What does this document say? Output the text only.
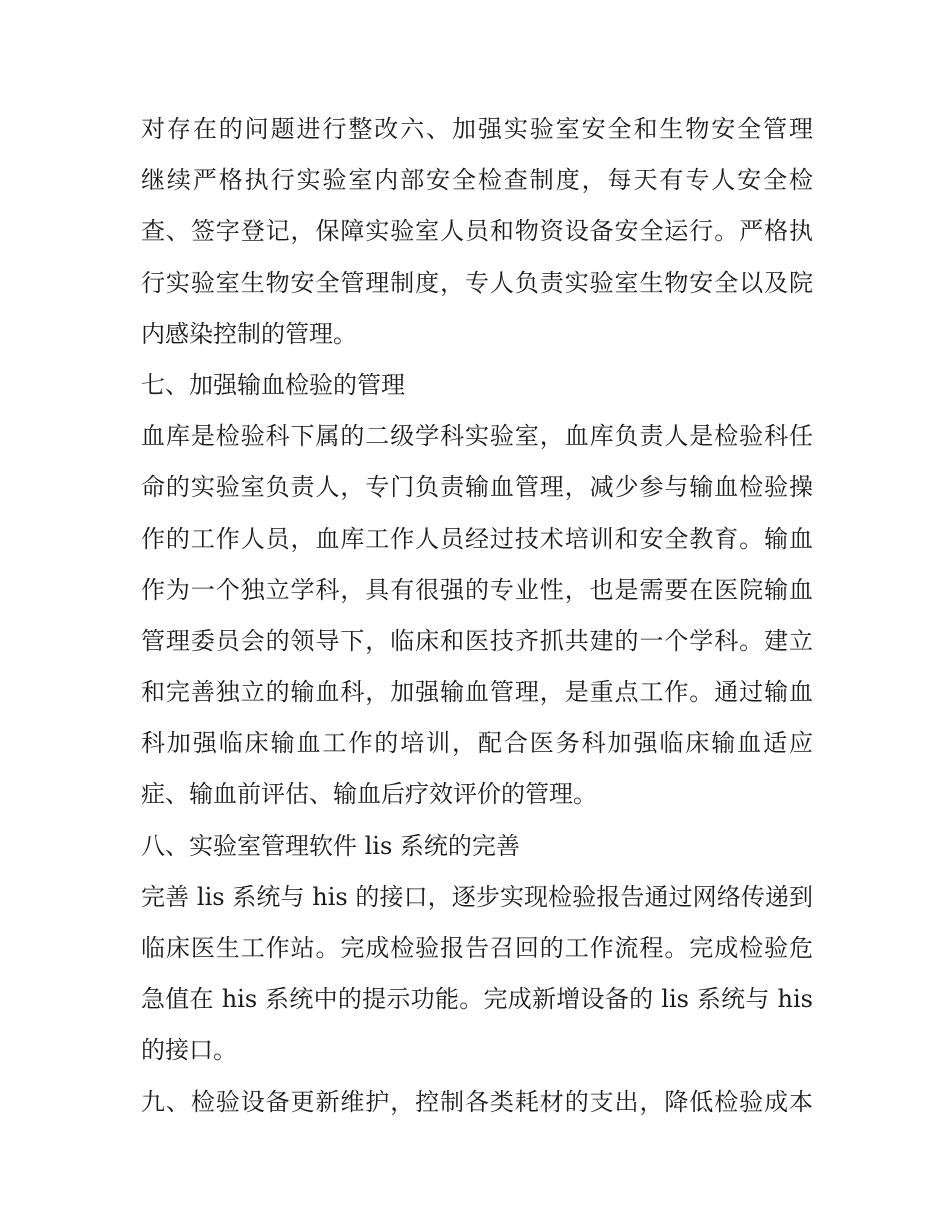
对存在的问题进行整改六、加强实验室安全和生物安全管理
继续严格执行实验室内部安全检查制度，每天有专人安全检
查、签字登记，保障实验室人员和物资设备安全运行。严格执
行实验室生物安全管理制度，专人负责实验室生物安全以及院
内感染控制的管理。
七、加强输血检验的管理
血库是检验科下属的二级学科实验室，血库负责人是检验科任
命的实验室负责人，专门负责输血管理，减少参与输血检验操
作的工作人员，血库工作人员经过技术培训和安全教育。输血
作为一个独立学科，具有很强的专业性，也是需要在医院输血
管理委员会的领导下，临床和医技齐抓共建的一个学科。建立
和完善独立的输血科，加强输血管理，是重点工作。通过输血
科加强临床输血工作的培训，配合医务科加强临床输血适应
症、输血前评估、输血后疗效评价的管理。
八、实验室管理软件 lis 系统的完善
完善 lis 系统与 his 的接口，逐步实现检验报告通过网络传递到
临床医生工作站。完成检验报告召回的工作流程。完成检验危
急值在 his 系统中的提示功能。完成新增设备的 lis 系统与 his
的接口。
九、检验设备更新维护，控制各类耗材的支出，降低检验成本
